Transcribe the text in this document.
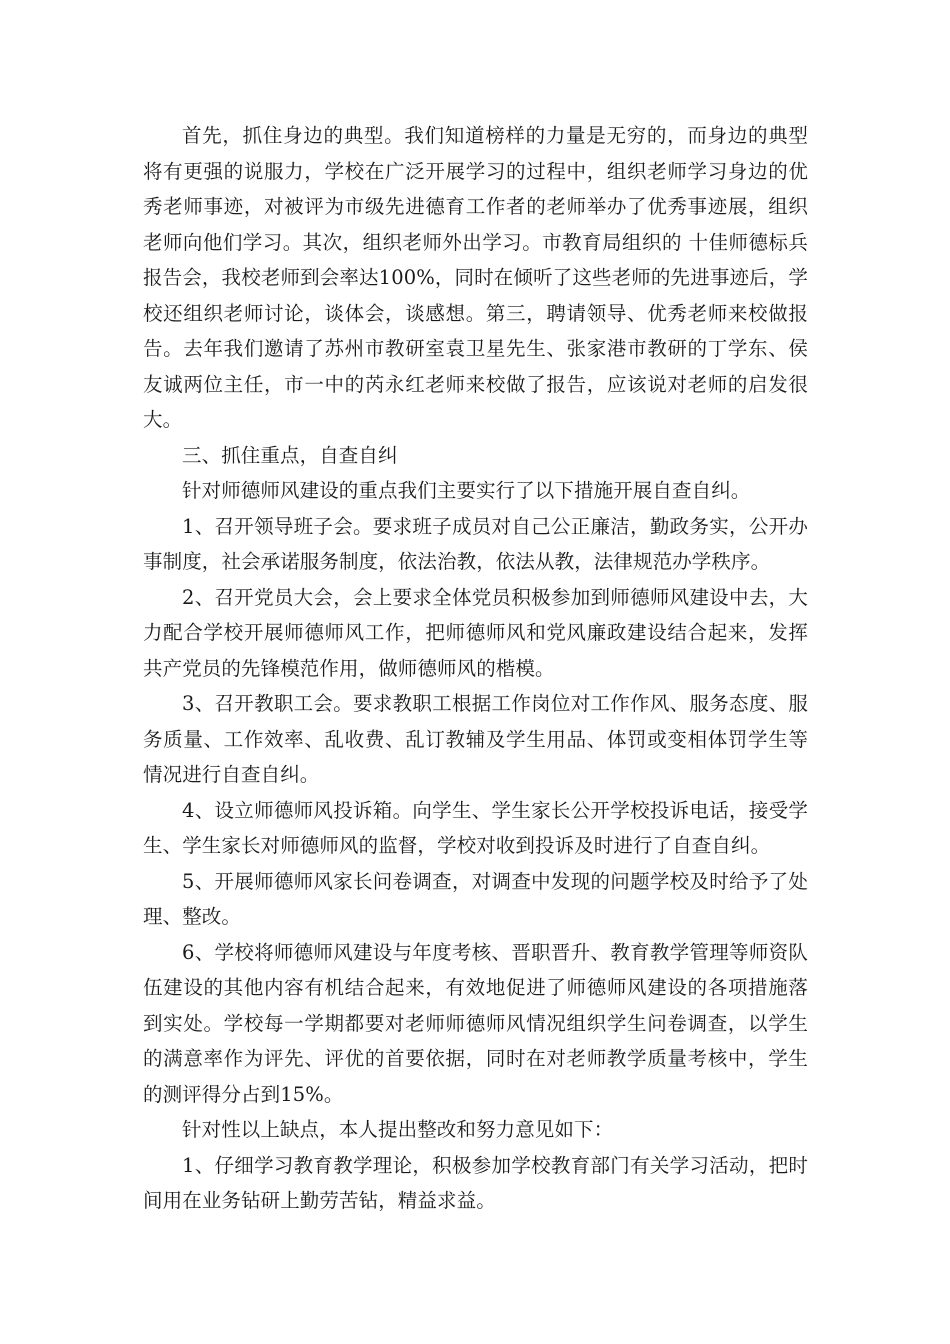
首先，抓住身边的典型。我们知道榜样的力量是无穷的，而身边的典型将有更强的说服力，学校在广泛开展学习的过程中，组织老师学习身边的优秀老师事迹，对被评为市级先进德育工作者的老师举办了优秀事迹展，组织老师向他们学习。其次，组织老师外出学习。市教育局组织的 十佳师德标兵 报告会，我校老师到会率达100%，同时在倾听了这些老师的先进事迹后，学校还组织老师讨论，谈体会，谈感想。第三，聘请领导、优秀老师来校做报告。去年我们邀请了苏州市教研室袁卫星先生、张家港市教研的丁学东、侯友诚两位主任，市一中的芮永红老师来校做了报告，应该说对老师的启发很大。

三、抓住重点，自查自纠

针对师德师风建设的重点我们主要实行了以下措施开展自查自纠。

1、召开领导班子会。要求班子成员对自己公正廉洁，勤政务实，公开办事制度，社会承诺服务制度，依法治教，依法从教，法律规范办学秩序。

2、召开党员大会，会上要求全体党员积极参加到师德师风建设中去，大力配合学校开展师德师风工作，把师德师风和党风廉政建设结合起来，发挥共产党员的先锋模范作用，做师德师风的楷模。

3、召开教职工会。要求教职工根据工作岗位对工作作风、服务态度、服务质量、工作效率、乱收费、乱订教辅及学生用品、体罚或变相体罚学生等情况进行自查自纠。

4、设立师德师风投诉箱。向学生、学生家长公开学校投诉电话，接受学生、学生家长对师德师风的监督，学校对收到投诉及时进行了自查自纠。

5、开展师德师风家长问卷调查，对调查中发现的问题学校及时给予了处理、整改。

6、学校将师德师风建设与年度考核、晋职晋升、教育教学管理等师资队伍建设的其他内容有机结合起来，有效地促进了师德师风建设的各项措施落到实处。学校每一学期都要对老师师德师风情况组织学生问卷调查，以学生的满意率作为评先、评优的首要依据，同时在对老师教学质量考核中，学生的测评得分占到15%。

针对性以上缺点，本人提出整改和努力意见如下：

1、仔细学习教育教学理论，积极参加学校教育部门有关学习活动，把时间用在业务钻研上勤劳苦钻，精益求益。
